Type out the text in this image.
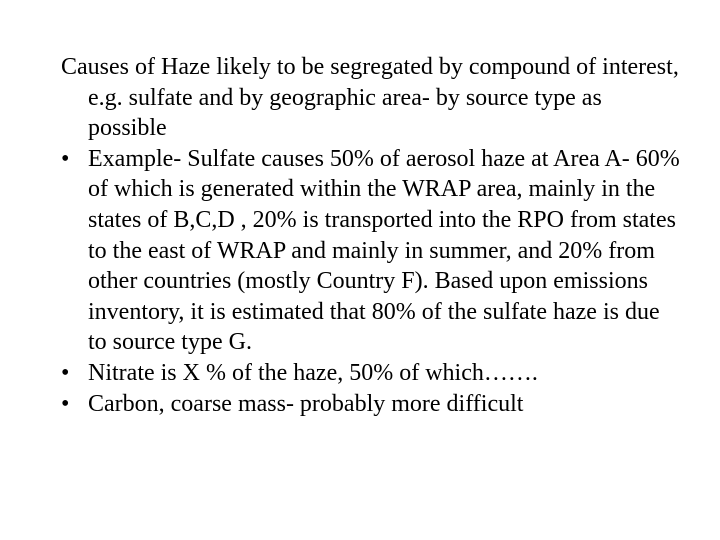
Causes of Haze likely to be segregated by compound of interest, e.g. sulfate and by geographic area- by source type as possible

• Example- Sulfate causes 50% of aerosol haze at Area A- 60% of which is generated within the WRAP area, mainly in the states of B,C,D , 20% is transported into the RPO from states to the east of WRAP and mainly in summer, and 20% from other countries (mostly Country F). Based upon emissions inventory, it is estimated that 80% of the sulfate haze is due to source type G.
• Nitrate is X % of the haze, 50% of which…….
• Carbon, coarse mass- probably more difficult
